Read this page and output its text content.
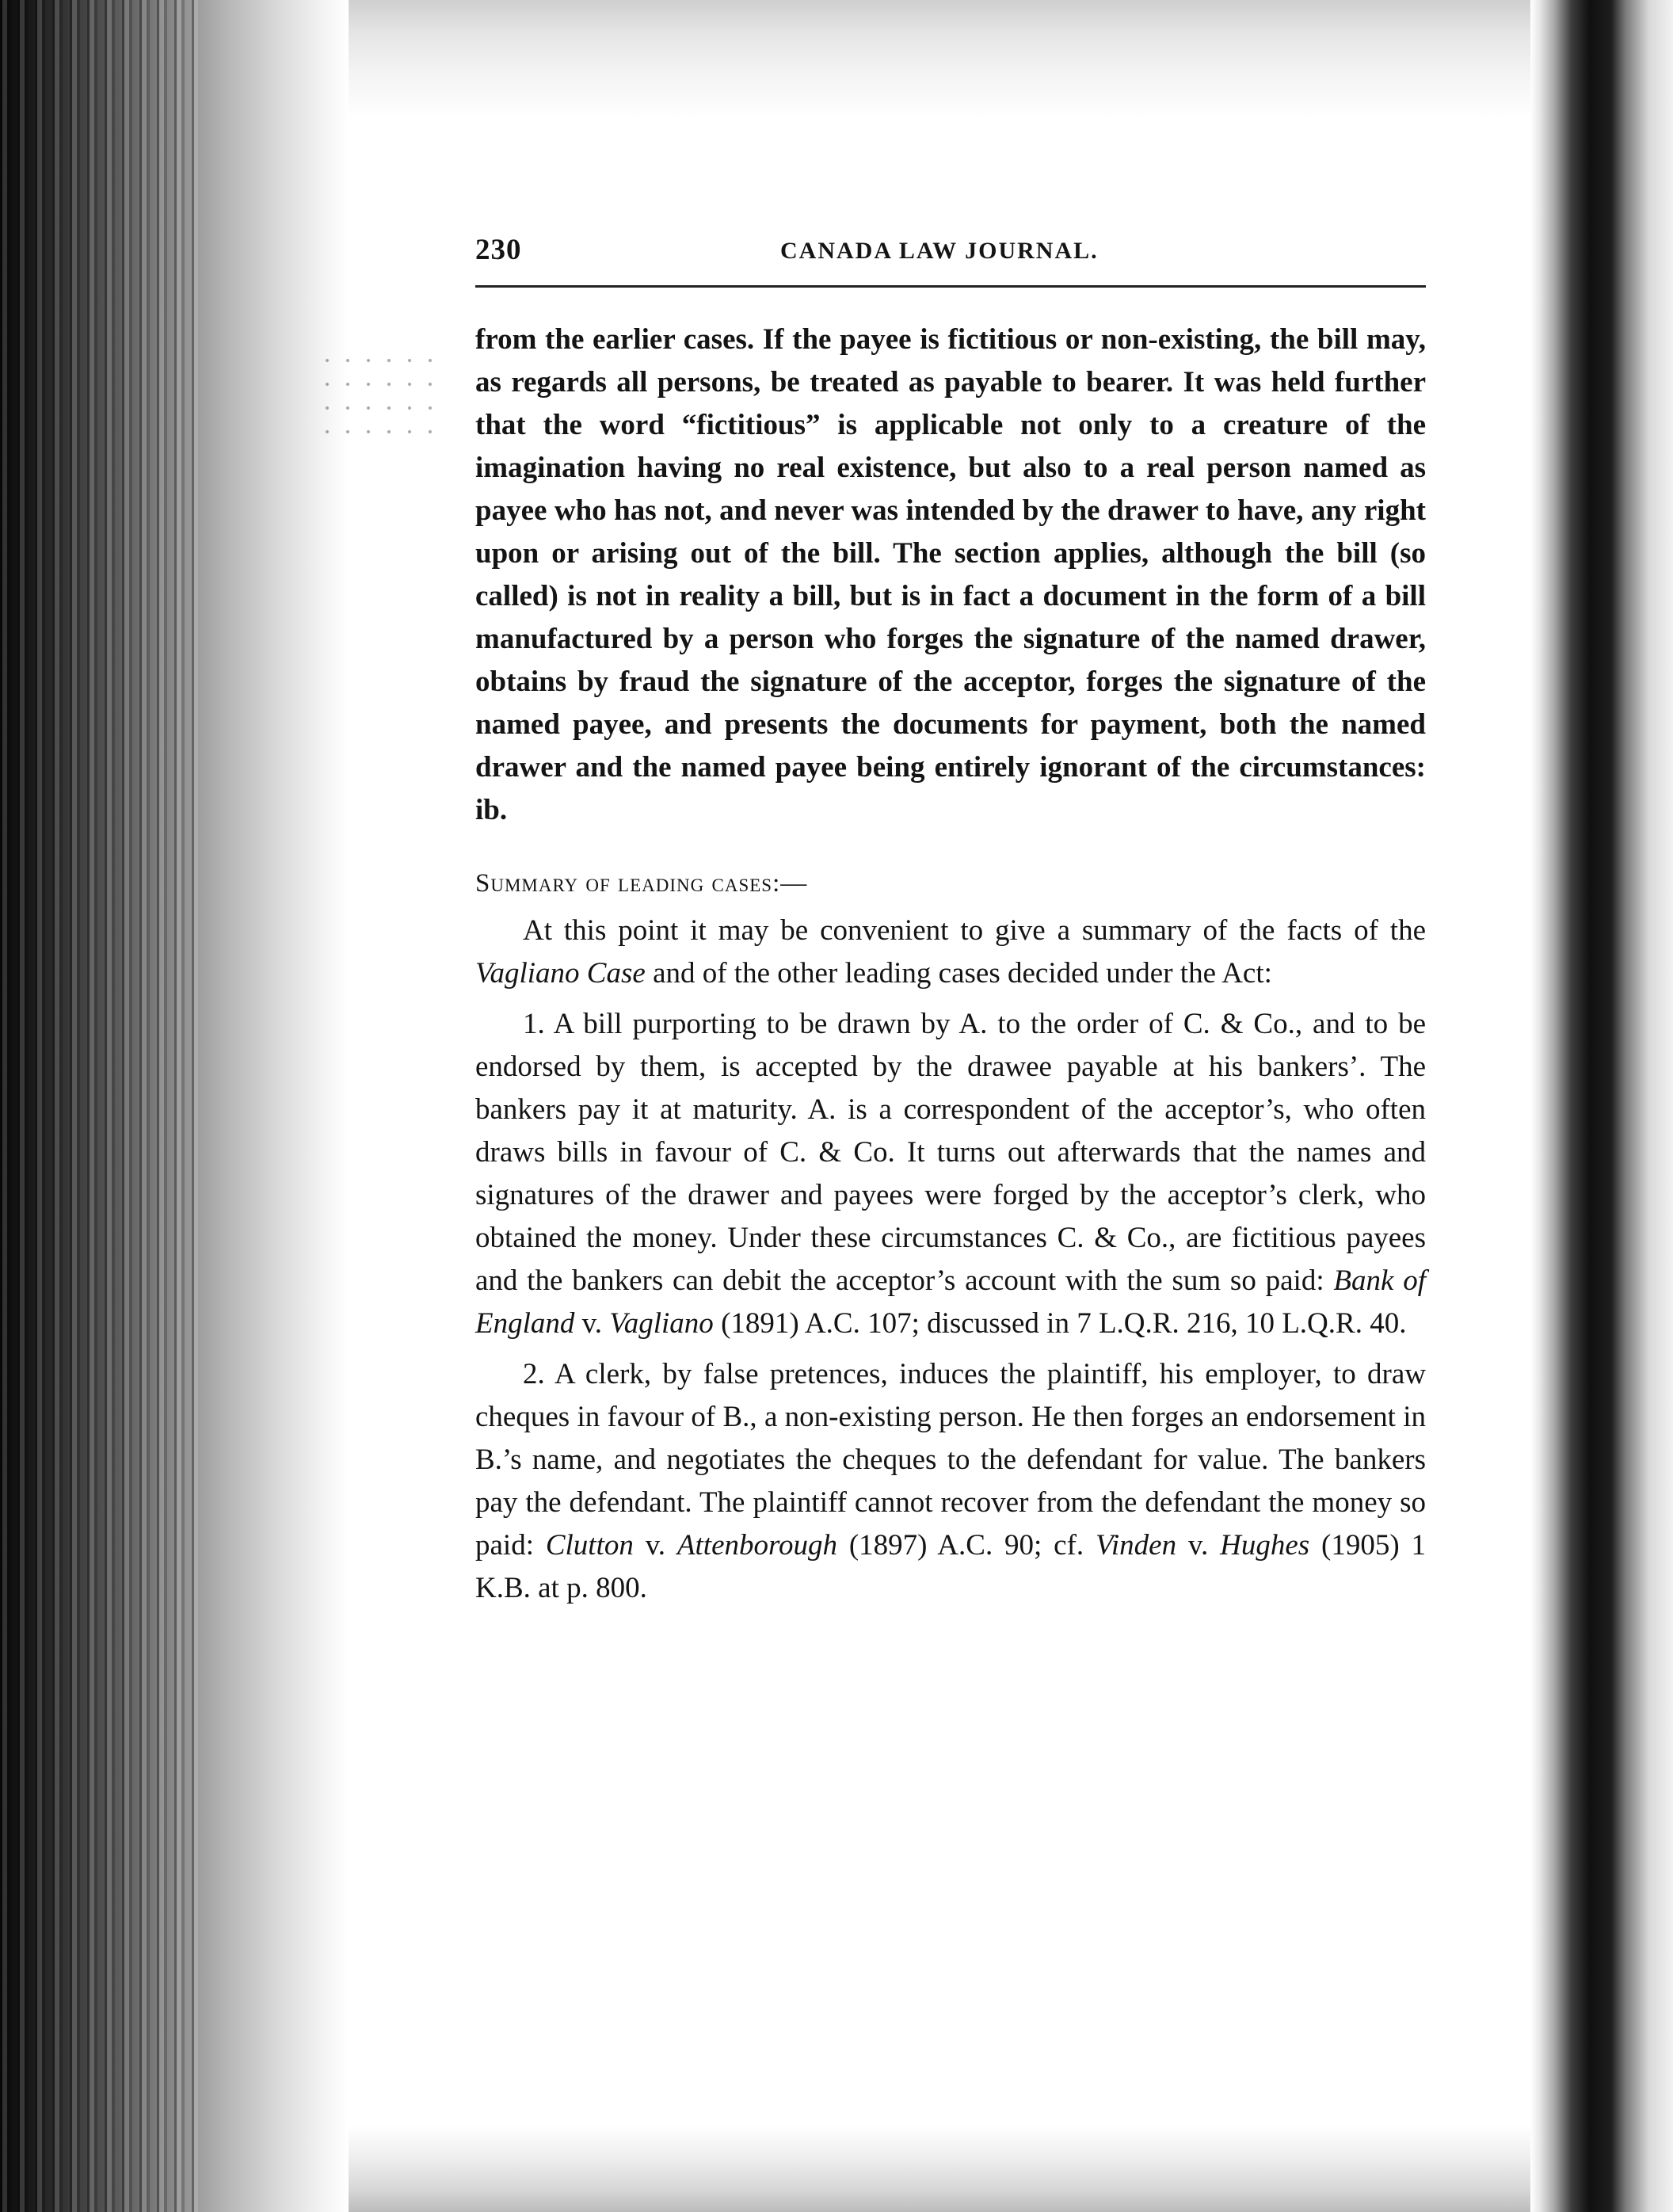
230	CANADA LAW JOURNAL.

from the earlier cases. If the payee is fictitious or non-existing, the bill may, as regards all persons, be treated as payable to bearer. It was held further that the word “fictitious” is applicable not only to a creature of the imagination having no real existence, but also to a real person named as payee who has not, and never was intended by the drawer to have, any right upon or arising out of the bill. The section applies, although the bill (so called) is not in reality a bill, but is in fact a document in the form of a bill manufactured by a person who forges the signature of the named drawer, obtains by fraud the signature of the acceptor, forges the signature of the named payee, and presents the documents for payment, both the named drawer and the named payee being entirely ignorant of the circumstances: ib.

Summary of leading cases:—

At this point it may be convenient to give a summary of the facts of the Vagliano Case and of the other leading cases decided under the Act:

1. A bill purporting to be drawn by A. to the order of C. & Co., and to be endorsed by them, is accepted by the drawee payable at his bankers’. The bankers pay it at maturity. A. is a correspondent of the acceptor’s, who often draws bills in favour of C. & Co. It turns out afterwards that the names and signatures of the drawer and payees were forged by the acceptor’s clerk, who obtained the money. Under these circumstances C. & Co., are fictitious payees and the bankers can debit the acceptor’s account with the sum so paid: Bank of England v. Vagliano (1891) A.C. 107; discussed in 7 L.Q.R. 216, 10 L.Q.R. 40.

2. A clerk, by false pretences, induces the plaintiff, his employer, to draw cheques in favour of B., a non-existing person. He then forges an endorsement in B.’s name, and negotiates the cheques to the defendant for value. The bankers pay the defendant. The plaintiff cannot recover from the defendant the money so paid: Clutton v. Attenborough (1897) A.C. 90; cf. Vinden v. Hughes (1905) 1 K.B. at p. 800.
